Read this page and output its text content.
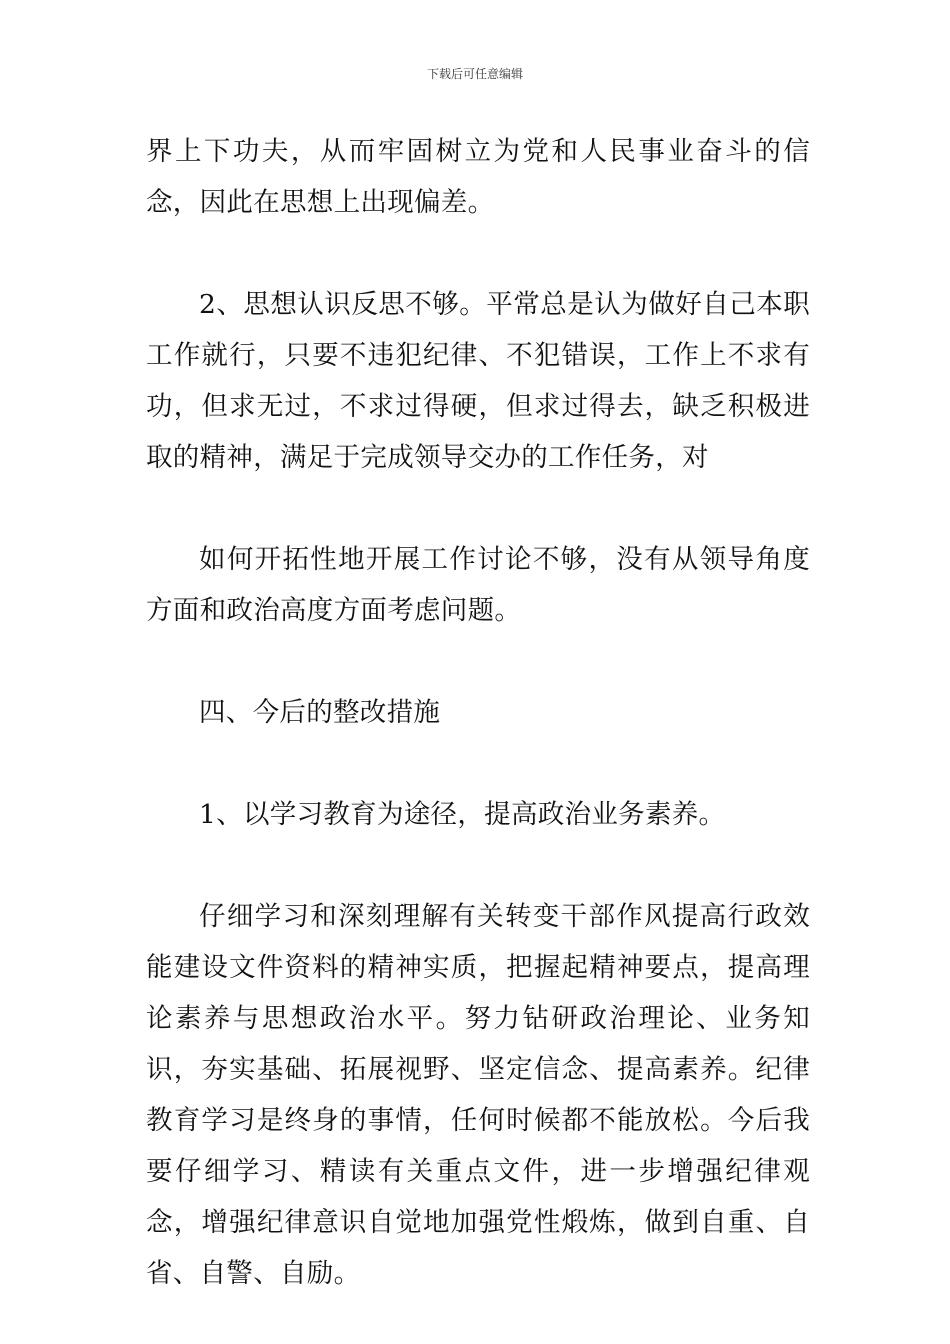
下载后可任意编辑

界上下功夫，从而牢固树立为党和人民事业奋斗的信念，因此在思想上出现偏差。

2、思想认识反思不够。平常总是认为做好自己本职工作就行，只要不违犯纪律、不犯错误，工作上不求有功，但求无过，不求过得硬，但求过得去，缺乏积极进取的精神，满足于完成领导交办的工作任务，对

如何开拓性地开展工作讨论不够，没有从领导角度方面和政治高度方面考虑问题。

四、今后的整改措施

1、以学习教育为途径，提高政治业务素养。

仔细学习和深刻理解有关转变干部作风提高行政效能建设文件资料的精神实质，把握起精神要点，提高理论素养与思想政治水平。努力钻研政治理论、业务知识，夯实基础、拓展视野、坚定信念、提高素养。纪律教育学习是终身的事情，任何时候都不能放松。今后我要仔细学习、精读有关重点文件，进一步增强纪律观念，增强纪律意识自觉地加强党性煅炼，做到自重、自省、自警、自励。
